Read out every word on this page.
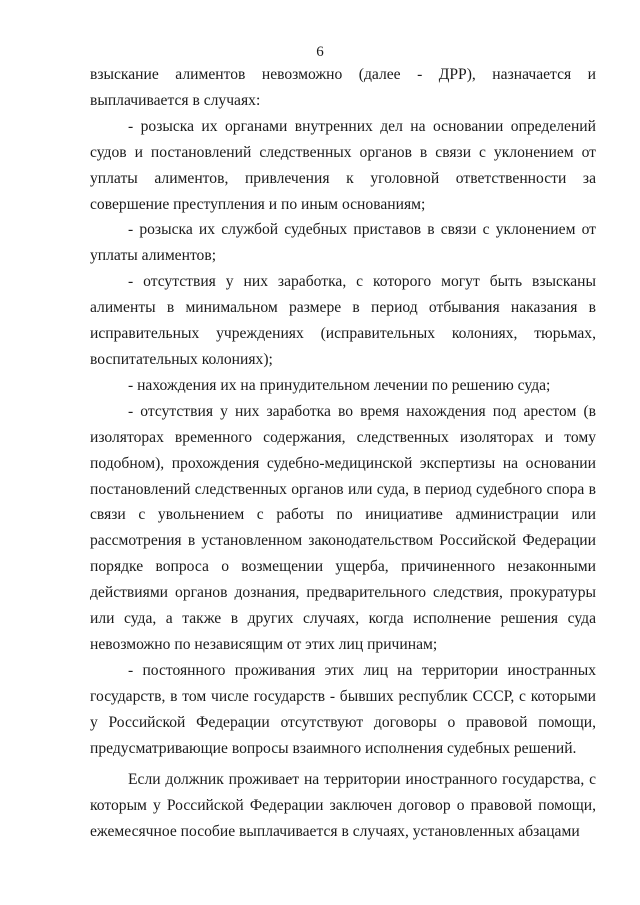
6

взыскание алиментов невозможно (далее - ДРР), назначается и выплачивается в случаях:

- розыска их органами внутренних дел на основании определений судов и постановлений следственных органов в связи с уклонением от уплаты алиментов, привлечения к уголовной ответственности за совершение преступления и по иным основаниям;

- розыска их службой судебных приставов в связи с уклонением от уплаты алиментов;

- отсутствия у них заработка, с которого могут быть взысканы алименты в минимальном размере в период отбывания наказания в исправительных учреждениях (исправительных колониях, тюрьмах, воспитательных колониях);

- нахождения их на принудительном лечении по решению суда;

- отсутствия у них заработка во время нахождения под арестом (в изоляторах временного содержания, следственных изоляторах и тому подобном), прохождения судебно-медицинской экспертизы на основании постановлений следственных органов или суда, в период судебного спора в связи с увольнением с работы по инициативе администрации или рассмотрения в установленном законодательством Российской Федерации порядке вопроса о возмещении ущерба, причиненного незаконными действиями органов дознания, предварительного следствия, прокуратуры или суда, а также в других случаях, когда исполнение решения суда невозможно по независящим от этих лиц причинам;

- постоянного проживания этих лиц на территории иностранных государств, в том числе государств - бывших республик СССР, с которыми у Российской Федерации отсутствуют договоры о правовой помощи, предусматривающие вопросы взаимного исполнения судебных решений.

Если должник проживает на территории иностранного государства, с которым у Российской Федерации заключен договор о правовой помощи, ежемесячное пособие выплачивается в случаях, установленных абзацами
